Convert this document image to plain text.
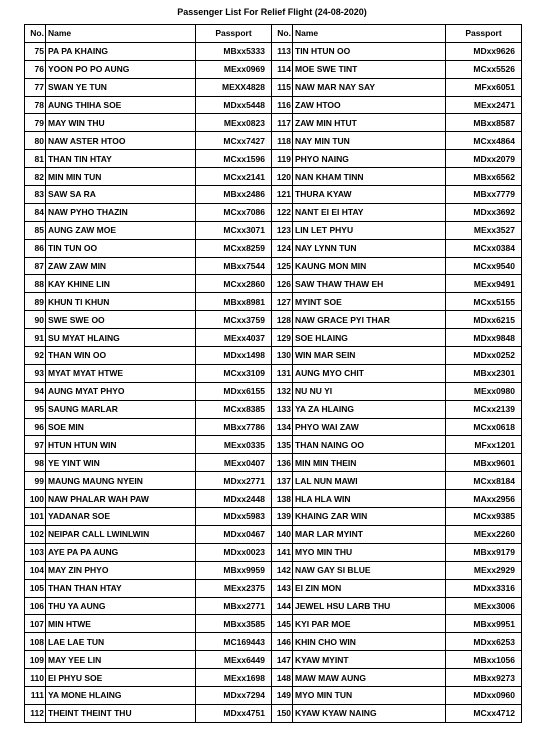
Passenger List For Relief Flight (24-08-2020)
No.	Name	Passport
75	PA PA KHAING	MBxx5333
76	YOON PO PO AUNG	MExx0969
77	SWAN YE TUN	MEXX4828
78	AUNG THIHA SOE	MDxx5448
79	MAY WIN THU	MExx0823
80	NAW ASTER HTOO	MCxx7427
81	THAN TIN HTAY	MCxx1596
82	MIN MIN TUN	MCxx2141
83	SAW SA RA	MBxx2486
84	NAW PYHO THAZIN	MCxx7086
85	AUNG ZAW MOE	MCxx3071
86	TIN TUN OO	MCxx8259
87	ZAW ZAW MIN	MBxx7544
88	KAY KHINE LIN	MCxx2860
89	KHUN TI KHUN	MBxx8981
90	SWE SWE OO	MCxx3759
91	SU MYAT HLAING	MExx4037
92	THAN WIN OO	MDxx1498
93	MYAT MYAT HTWE	MCxx3109
94	AUNG MYAT PHYO	MDxx6155
95	SAUNG MARLAR	MCxx8385
96	SOE MIN	MBxx7786
97	HTUN HTUN WIN	MExx0335
98	YE YINT WIN	MExx0407
99	MAUNG MAUNG NYEIN	MDxx2771
100	NAW PHALAR WAH PAW	MDxx2448
101	YADANAR SOE	MDxx5983
102	NEIPAR CALL LWINLWIN	MDxx0467
103	AYE PA PA AUNG	MDxx0023
104	MAY ZIN PHYO	MBxx9959
105	THAN THAN HTAY	MExx2375
106	THU YA AUNG	MBxx2771
107	MIN HTWE	MBxx3585
108	LAE LAE TUN	MC169443
109	MAY YEE LIN	MExx6449
110	EI PHYU SOE	MExx1698
111	YA MONE HLAING	MDxx7294
112	THEINT THEINT THU	MDxx4751
No.	Name	Passport
113	TIN HTUN OO	MDxx9626
114	MOE SWE TINT	MCxx5526
115	NAW MAR NAY SAY	MFxx6051
116	ZAW HTOO	MExx2471
117	ZAW MIN HTUT	MBxx8587
118	NAY MIN TUN	MCxx4864
119	PHYO NAING	MDxx2079
120	NAN KHAM TINN	MBxx6562
121	THURA KYAW	MBxx7779
122	NANT EI EI HTAY	MDxx3692
123	LIN LET PHYU	MExx3527
124	NAY LYNN TUN	MCxx0384
125	KAUNG MON MIN	MCxx9540
126	SAW THAW THAW EH	MExx9491
127	MYINT SOE	MCxx5155
128	NAW GRACE PYI THAR	MDxx6215
129	SOE HLAING	MDxx9848
130	WIN MAR SEIN	MDxx0252
131	AUNG MYO CHIT	MBxx2301
132	NU NU YI	MExx0980
133	YA ZA HLAING	MCxx2139
134	PHYO WAI ZAW	MCxx0618
135	THAN NAING OO	MFxx1201
136	MIN MIN THEIN	MBxx9601
137	LAL NUN MAWI	MCxx8184
138	HLA HLA WIN	MAxx2956
139	KHAING ZAR WIN	MCxx9385
140	MAR LAR MYINT	MExx2260
141	MYO MIN THU	MBxx9179
142	NAW GAY SI BLUE	MExx2929
143	EI ZIN MON	MDxx3316
144	JEWEL HSU LARB THU	MExx3006
145	KYI PAR MOE	MBxx9951
146	KHIN CHO WIN	MDxx6253
147	KYAW MYINT	MBxx1056
148	MAW MAW AUNG	MBxx9273
149	MYO MIN TUN	MDxx0960
150	KYAW KYAW NAING	MCxx4712
